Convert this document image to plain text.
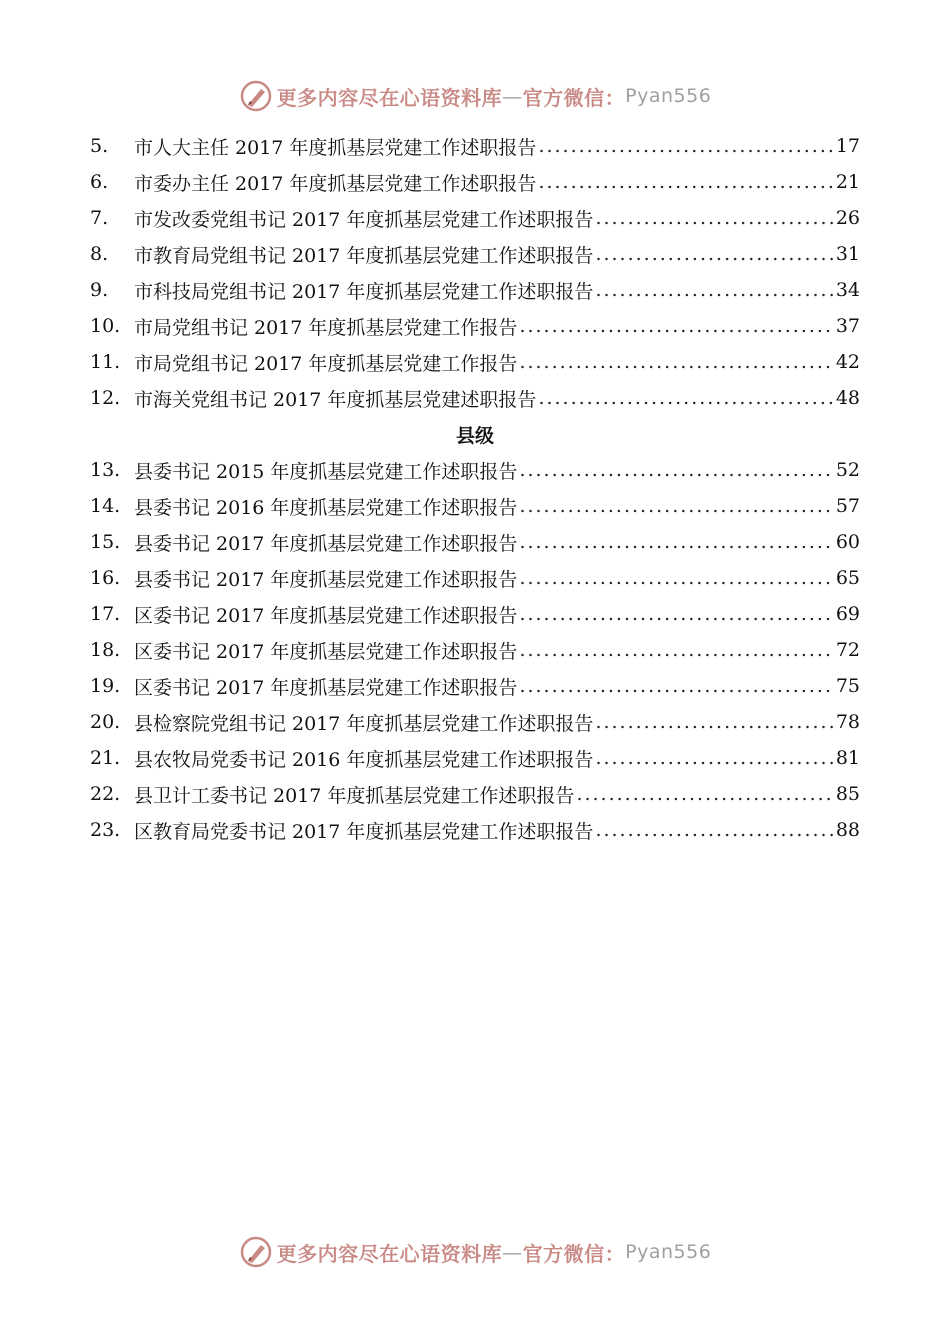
更多内容尽在心语资料库 — 官方微信： Pyan556
5.	市人大主任 2017 年度抓基层党建工作述职报告 .....	17
6.	市委办主任 2017 年度抓基层党建工作述职报告 .....	21
7.	市发改委党组书记 2017 年度抓基层党建工作述职报告 .....	26
8.	市教育局党组书记 2017 年度抓基层党建工作述职报告 .....	31
9.	市科技局党组书记 2017 年度抓基层党建工作述职报告 .....	34
10. 市局党组书记 2017 年度抓基层党建工作报告 .....	37
11. 市局党组书记 2017 年度抓基层党建工作报告 .....	42
12. 市海关党组书记 2017 年度抓基层党建述职报告 .....	48
县级
13. 县委书记 2015 年度抓基层党建工作述职报告 .....	52
14. 县委书记 2016 年度抓基层党建工作述职报告 .....	57
15. 县委书记 2017 年度抓基层党建工作述职报告 .....	60
16. 县委书记 2017 年度抓基层党建工作述职报告 .....	65
17. 区委书记 2017 年度抓基层党建工作述职报告 .....	69
18. 区委书记 2017 年度抓基层党建工作述职报告 .....	72
19. 区委书记 2017 年度抓基层党建工作述职报告 .....	75
20. 县检察院党组书记 2017 年度抓基层党建工作述职报告 .....	78
21. 县农牧局党委书记 2016 年度抓基层党建工作述职报告 .....	81
22. 县卫计工委书记 2017 年度抓基层党建工作述职报告 .....	85
23. 区教育局党委书记 2017 年度抓基层党建工作述职报告 .....	88
更多内容尽在心语资料库 — 官方微信： Pyan556
